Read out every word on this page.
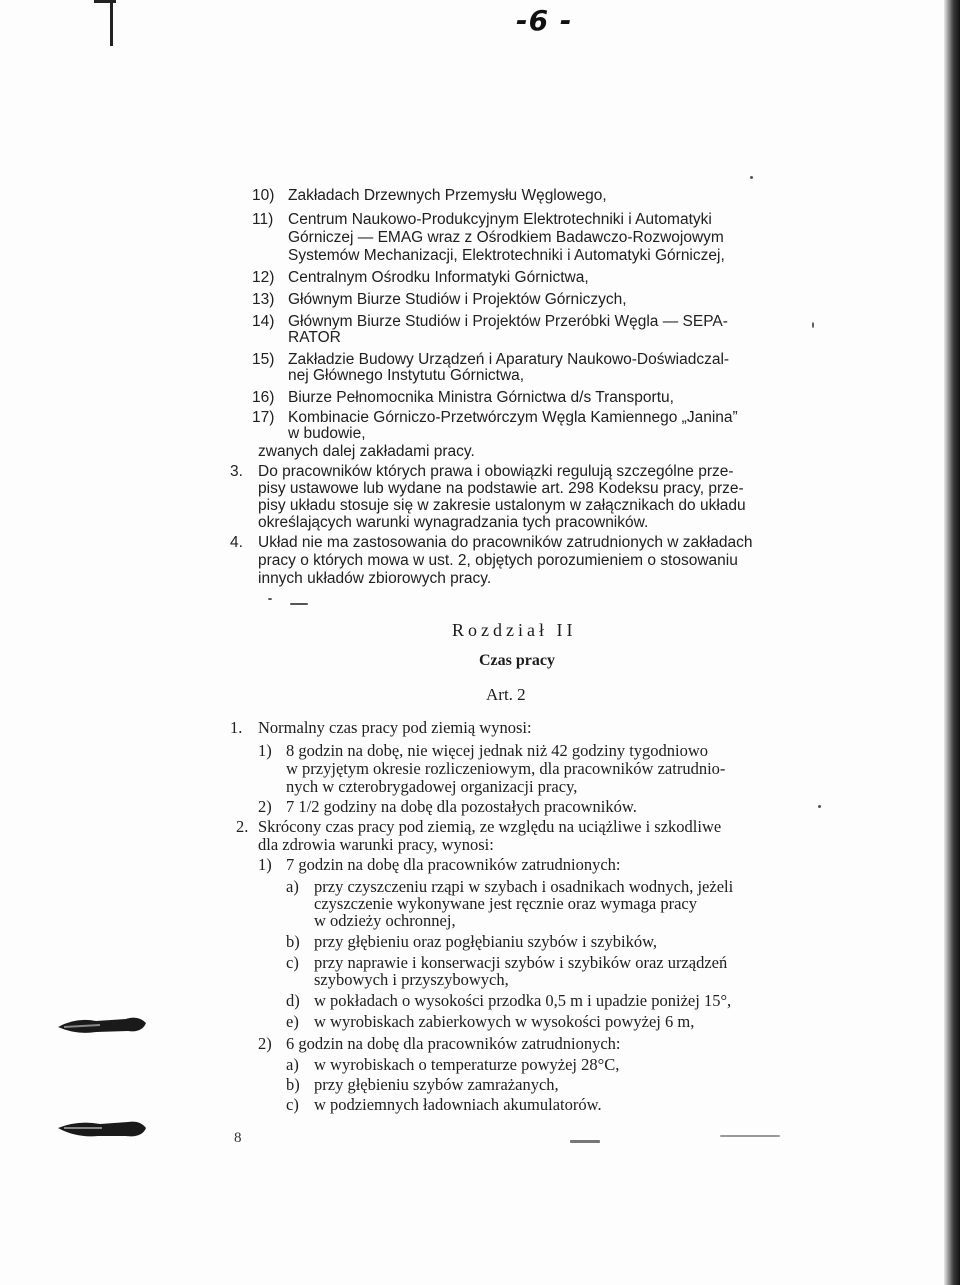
-6 -
10) Zakładach Drzewnych Przemysłu Węglowego,
11) Centrum Naukowo-Produkcyjnym Elektrotechniki i Automatyki
Górniczej — EMAG wraz z Ośrodkiem Badawczo-Rozwojowym
Systemów Mechanizacji, Elektrotechniki i Automatyki Górniczej,
12) Centralnym Ośrodku Informatyki Górnictwa,
13) Głównym Biurze Studiów i Projektów Górniczych,
14) Głównym Biurze Studiów i Projektów Przeróbki Węgla — SEPA-
RATOR
15) Zakładzie Budowy Urządzeń i Aparatury Naukowo-Doświadczal-
nej Głównego Instytutu Górnictwa,
16) Biurze Pełnomocnika Ministra Górnictwa d/s Transportu,
17) Kombinacie Górniczo-Przetwórczym Węgla Kamiennego „Janina”
w budowie,
zwanych dalej zakładami pracy.
3. Do pracowników których prawa i obowiązki regulują szczególne prze-
pisy ustawowe lub wydane na podstawie art. 298 Kodeksu pracy, prze-
pisy układu stosuje się w zakresie ustalonym w załącznikach do układu
określających warunki wynagradzania tych pracowników.
4. Układ nie ma zastosowania do pracowników zatrudnionych w zakładach
pracy o których mowa w ust. 2, objętych porozumieniem o stosowaniu
innych układów zbiorowych pracy.
Rozdział II
Czas pracy
Art. 2
1. Normalny czas pracy pod ziemią wynosi:
1) 8 godzin na dobę, nie więcej jednak niż 42 godziny tygodniowo
w przyjętym okresie rozliczeniowym, dla pracowników zatrudnio-
nych w czterobrygadowej organizacji pracy,
2) 7 1/2 godziny na dobę dla pozostałych pracowników.
2. Skrócony czas pracy pod ziemią, ze względu na uciążliwe i szkodliwe
dla zdrowia warunki pracy, wynosi:
1) 7 godzin na dobę dla pracowników zatrudnionych:
a) przy czyszczeniu rząpi w szybach i osadnikach wodnych, jeżeli
czyszczenie wykonywane jest ręcznie oraz wymaga pracy
w odzieży ochronnej,
b) przy głębieniu oraz pogłębianiu szybów i szybików,
c) przy naprawie i konserwacji szybów i szybików oraz urządzeń
szybowych i przyszybowych,
d) w pokładach o wysokości przodka 0,5 m i upadzie poniżej 15°,
e) w wyrobiskach zabierkowych w wysokości powyżej 6 m,
2) 6 godzin na dobę dla pracowników zatrudnionych:
a) w wyrobiskach o temperaturze powyżej 28°C,
b) przy głębieniu szybów zamrażanych,
c) w podziemnych ładowniach akumulatorów.
8
